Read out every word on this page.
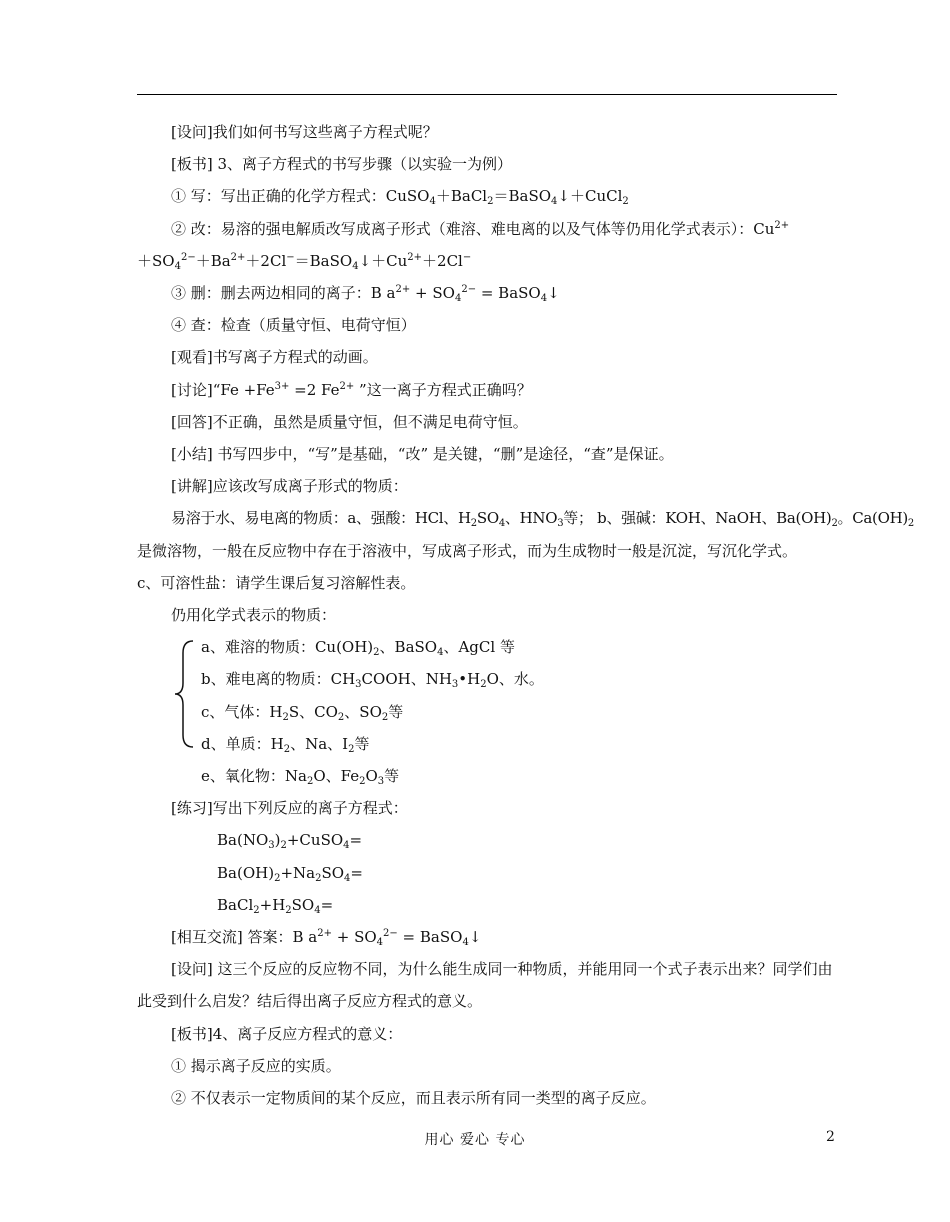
[设问]我们如何书写这些离子方程式呢？
[板书] 3、离子方程式的书写步骤（以实验一为例）
① 写：写出正确的化学方程式：CuSO$_4$＋BaCl$_2$＝BaSO$_4$↓＋CuCl$_2$
② 改：易溶的强电解质改写成离子形式（难溶、难电离的以及气体等仍用化学式表示）：$Cu^{2+}$
$+SO_4^{2-}+Ba^{2+}+2Cl^-=BaSO_4↓+Cu^{2+}+2Cl^-$
③ 删：删去两边相同的离子：B $a^{2+} + SO_4^{2-}$ = BaSO$_4$↓
④ 查：检查（质量守恒、电荷守恒）
[观看]书写离子方程式的动画。
[讨论]“Fe $+Fe^{3+} =2$ $Fe^{2+}$ ”这一离子方程式正确吗？
[回答]不正确，虽然是质量守恒，但不满足电荷守恒。
[小结] 书写四步中，“写”是基础，“改” 是关键，“删”是途径，“查”是保证。
[讲解]应该改写成离子形式的物质：
易溶于水、易电离的物质：a、强酸：HCl、$H_2SO_4$、$HNO_3$等； b、强碱：KOH、NaOH、$Ba(OH)_2$。$Ca(OH)_2$
是微溶物，一般在反应物中存在于溶液中，写成离子形式，而为生成物时一般是沉淀，写沉化学式。
c、可溶性盐：请学生课后复习溶解性表。
仍用化学式表示的物质：
a、难溶的物质：$Cu(OH)_2$、BaSO$_4$、AgCl 等
b、难电离的物质：$CH_3COOH$、$NH_3•H_2O$、水。
c、气体：$H_2S$、$CO_2$、$SO_2$等
d、单质：$H_2$、Na、$I_2$等
e、氧化物：$Na_2O$、$Fe_2O_3$等
[练习]写出下列反应的离子方程式：
$Ba(NO_3)_2+CuSO_4=$
$Ba(OH)_2+Na_2SO_4=$
$BaCl_2+H_2SO_4=$
[相互交流] 答案：B $a^{2+} + SO_4^{2-}$ = BaSO$_4$↓
[设问] 这三个反应的反应物不同，为什么能生成同一种物质，并能用同一个式子表示出来？同学们由此受到什么启发？结后得出离子反应方程式的意义。
[板书]4、离子反应方程式的意义：
① 揭示离子反应的实质。
② 不仅表示一定物质间的某个反应，而且表示所有同一类型的离子反应。
用心 爱心 专心	2
